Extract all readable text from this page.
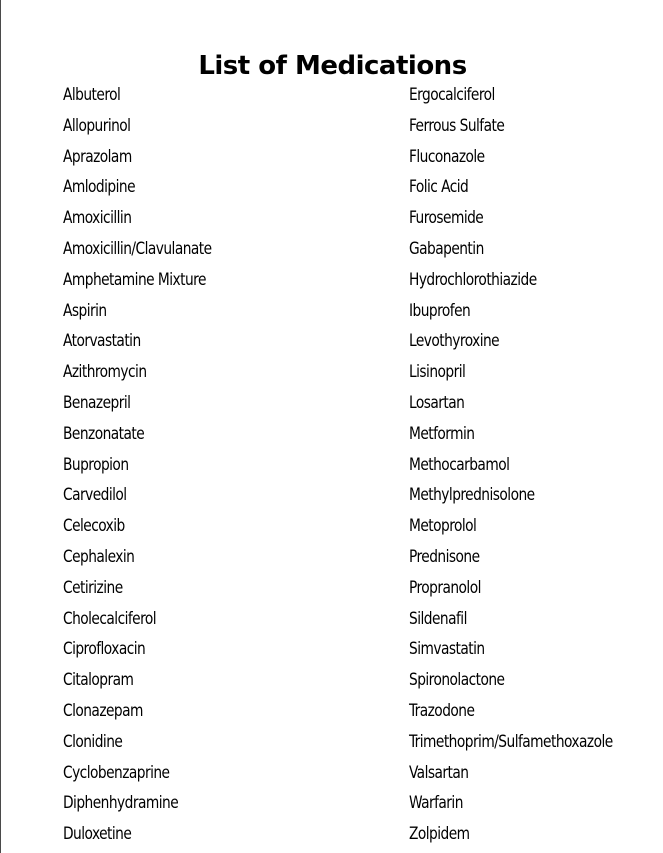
List of Medications
Albuterol
Allopurinol
Aprazolam
Amlodipine
Amoxicillin
Amoxicillin/Clavulanate
Amphetamine Mixture
Aspirin
Atorvastatin
Azithromycin
Benazepril
Benzonatate
Bupropion
Carvedilol
Celecoxib
Cephalexin
Cetirizine
Cholecalciferol
Ciprofloxacin
Citalopram
Clonazepam
Clonidine
Cyclobenzaprine
Diphenhydramine
Duloxetine
Ergocalciferol
Ferrous Sulfate
Fluconazole
Folic Acid
Furosemide
Gabapentin
Hydrochlorothiazide
Ibuprofen
Levothyroxine
Lisinopril
Losartan
Metformin
Methocarbamol
Methylprednisolone
Metoprolol
Prednisone
Propranolol
Sildenafil
Simvastatin
Spironolactone
Trazodone
Trimethoprim/Sulfamethoxazole
Valsartan
Warfarin
Zolpidem
